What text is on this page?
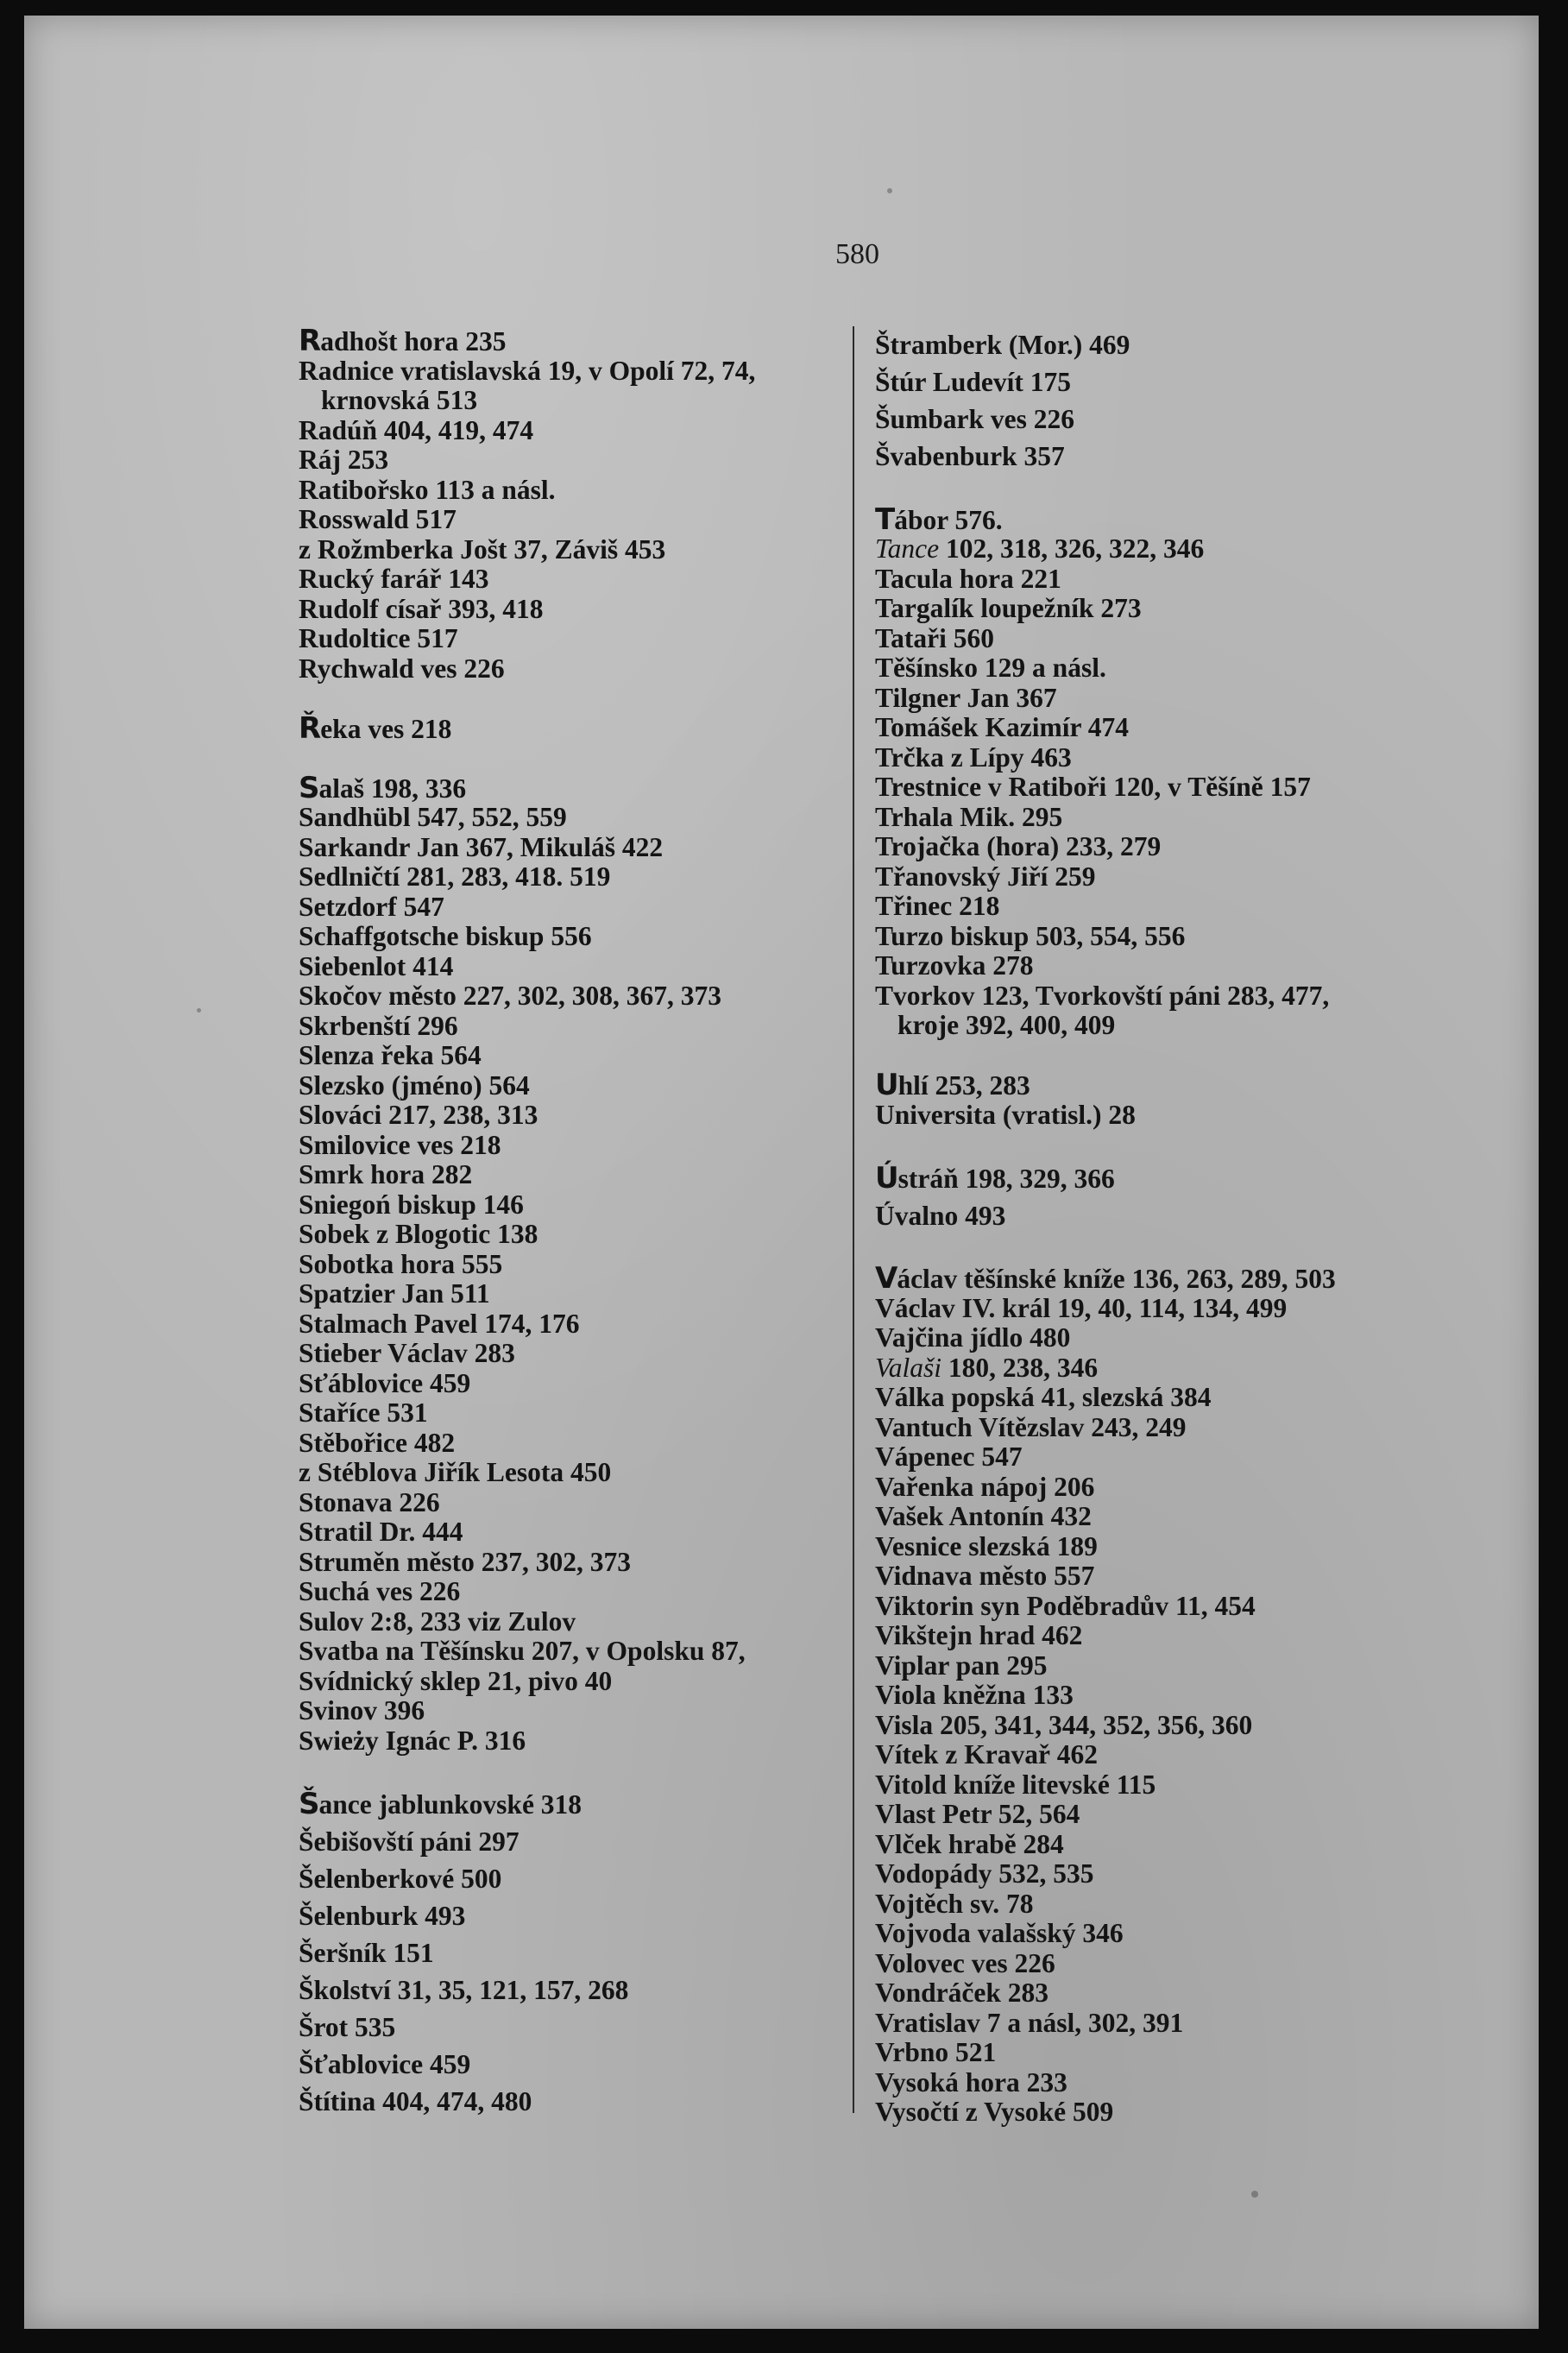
580
Radhošt hora 235
Radnice vratislavská 19, v Opolí 72, 74,
krnovská 513
Radúň 404, 419, 474
Ráj 253
Ratibořsko 113 a násl.
Rosswald 517
z Rožmberka Jošt 37, Záviš 453
Rucký farář 143
Rudolf císař 393, 418
Rudoltice 517
Rychwald ves 226
Řeka ves 218
Salaš 198, 336
Sandhübl 547, 552, 559
Sarkandr Jan 367, Mikuláš 422
Sedlničtí 281, 283, 418. 519
Setzdorf 547
Schaffgotsche biskup 556
Siebenlot 414
Skočov město 227, 302, 308, 367, 373
Skrbenští 296
Slenza řeka 564
Slezsko (jméno) 564
Slováci 217, 238, 313
Smilovice ves 218
Smrk hora 282
Sniegoń biskup 146
Sobek z Blogotic 138
Sobotka hora 555
Spatzier Jan 511
Stalmach Pavel 174, 176
Stieber Václav 283
Sťáblovice 459
Staříce 531
Stěbořice 482
z Stéblova Jiřík Lesota 450
Stonava 226
Stratil Dr. 444
Struměn město 237, 302, 373
Suchá ves 226
Sulov 2:8, 233 viz Zulov
Svatba na Těšínsku 207, v Opolsku 87,
Svídnický sklep 21, pivo 40
Svinov 396
Swieży Ignác P. 316
Šance jablunkovské 318
Šebišovští páni 297
Šelenberkové 500
Šelenburk 493
Šeršník 151
Školství 31, 35, 121, 157, 268
Šrot 535
Šťablovice 459
Štítina 404, 474, 480
Štramberk (Mor.) 469
Štúr Ludevít 175
Šumbark ves 226
Švabenburk 357
Tábor 576.
Tance 102, 318, 326, 322, 346
Tacula hora 221
Targalík loupežník 273
Tataři 560
Těšínsko 129 a násl.
Tilgner Jan 367
Tomášek Kazimír 474
Trčka z Lípy 463
Trestnice v Ratiboři 120, v Těšíně 157
Trhala Mik. 295
Trojačka (hora) 233, 279
Třanovský Jiří 259
Třinec 218
Turzo biskup 503, 554, 556
Turzovka 278
Tvorkov 123, Tvorkovští páni 283, 477,
kroje 392, 400, 409
Uhlí 253, 283
Universita (vratisl.) 28
Ústráň 198, 329, 366
Úvalno 493
Václav těšínské kníže 136, 263, 289, 503
Václav IV. král 19, 40, 114, 134, 499
Vajčina jídlo 480
Valaši 180, 238, 346
Válka popská 41, slezská 384
Vantuch Vítězslav 243, 249
Vápenec 547
Vařenka nápoj 206
Vašek Antonín 432
Vesnice slezská 189
Vidnava město 557
Viktorin syn Poděbradův 11, 454
Vikštejn hrad 462
Viplar pan 295
Viola kněžna 133
Visla 205, 341, 344, 352, 356, 360
Vítek z Kravař 462
Vitold kníže litevské 115
Vlast Petr 52, 564
Vlček hrabě 284
Vodopády 532, 535
Vojtěch sv. 78
Vojvoda valašský 346
Volovec ves 226
Vondráček 283
Vratislav 7 a násl, 302, 391
Vrbno 521
Vysoká hora 233
Vysočtí z Vysoké 509
